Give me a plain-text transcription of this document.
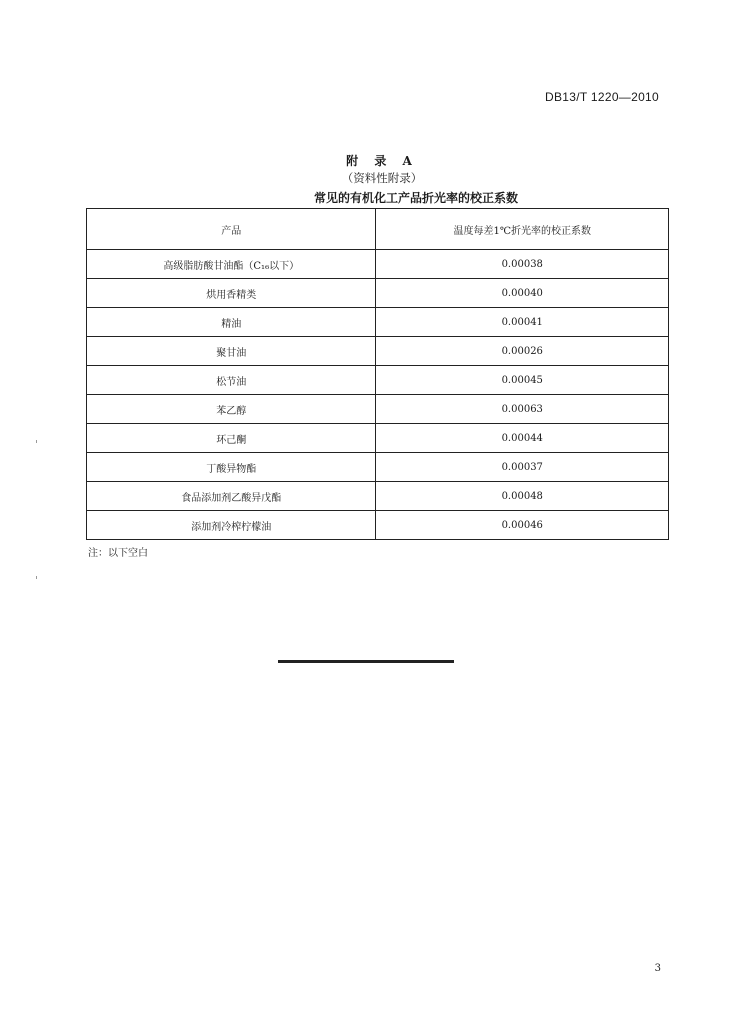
DB13/T 1220—2010
附 录 A
（资料性附录）
常见的有机化工产品折光率的校正系数
产品	温度每差1℃折光率的校正系数
高级脂肪酸甘油酯（C₁₆以下）	0.00038
烘用香精类	0.00040
精油	0.00041
聚甘油	0.00026
松节油	0.00045
苯乙醇	0.00063
环己酮	0.00044
丁酸异物酯	0.00037
食品添加剂乙酸异戊酯	0.00048
添加剂冷榨柠檬油	0.00046
注：以下空白
3
